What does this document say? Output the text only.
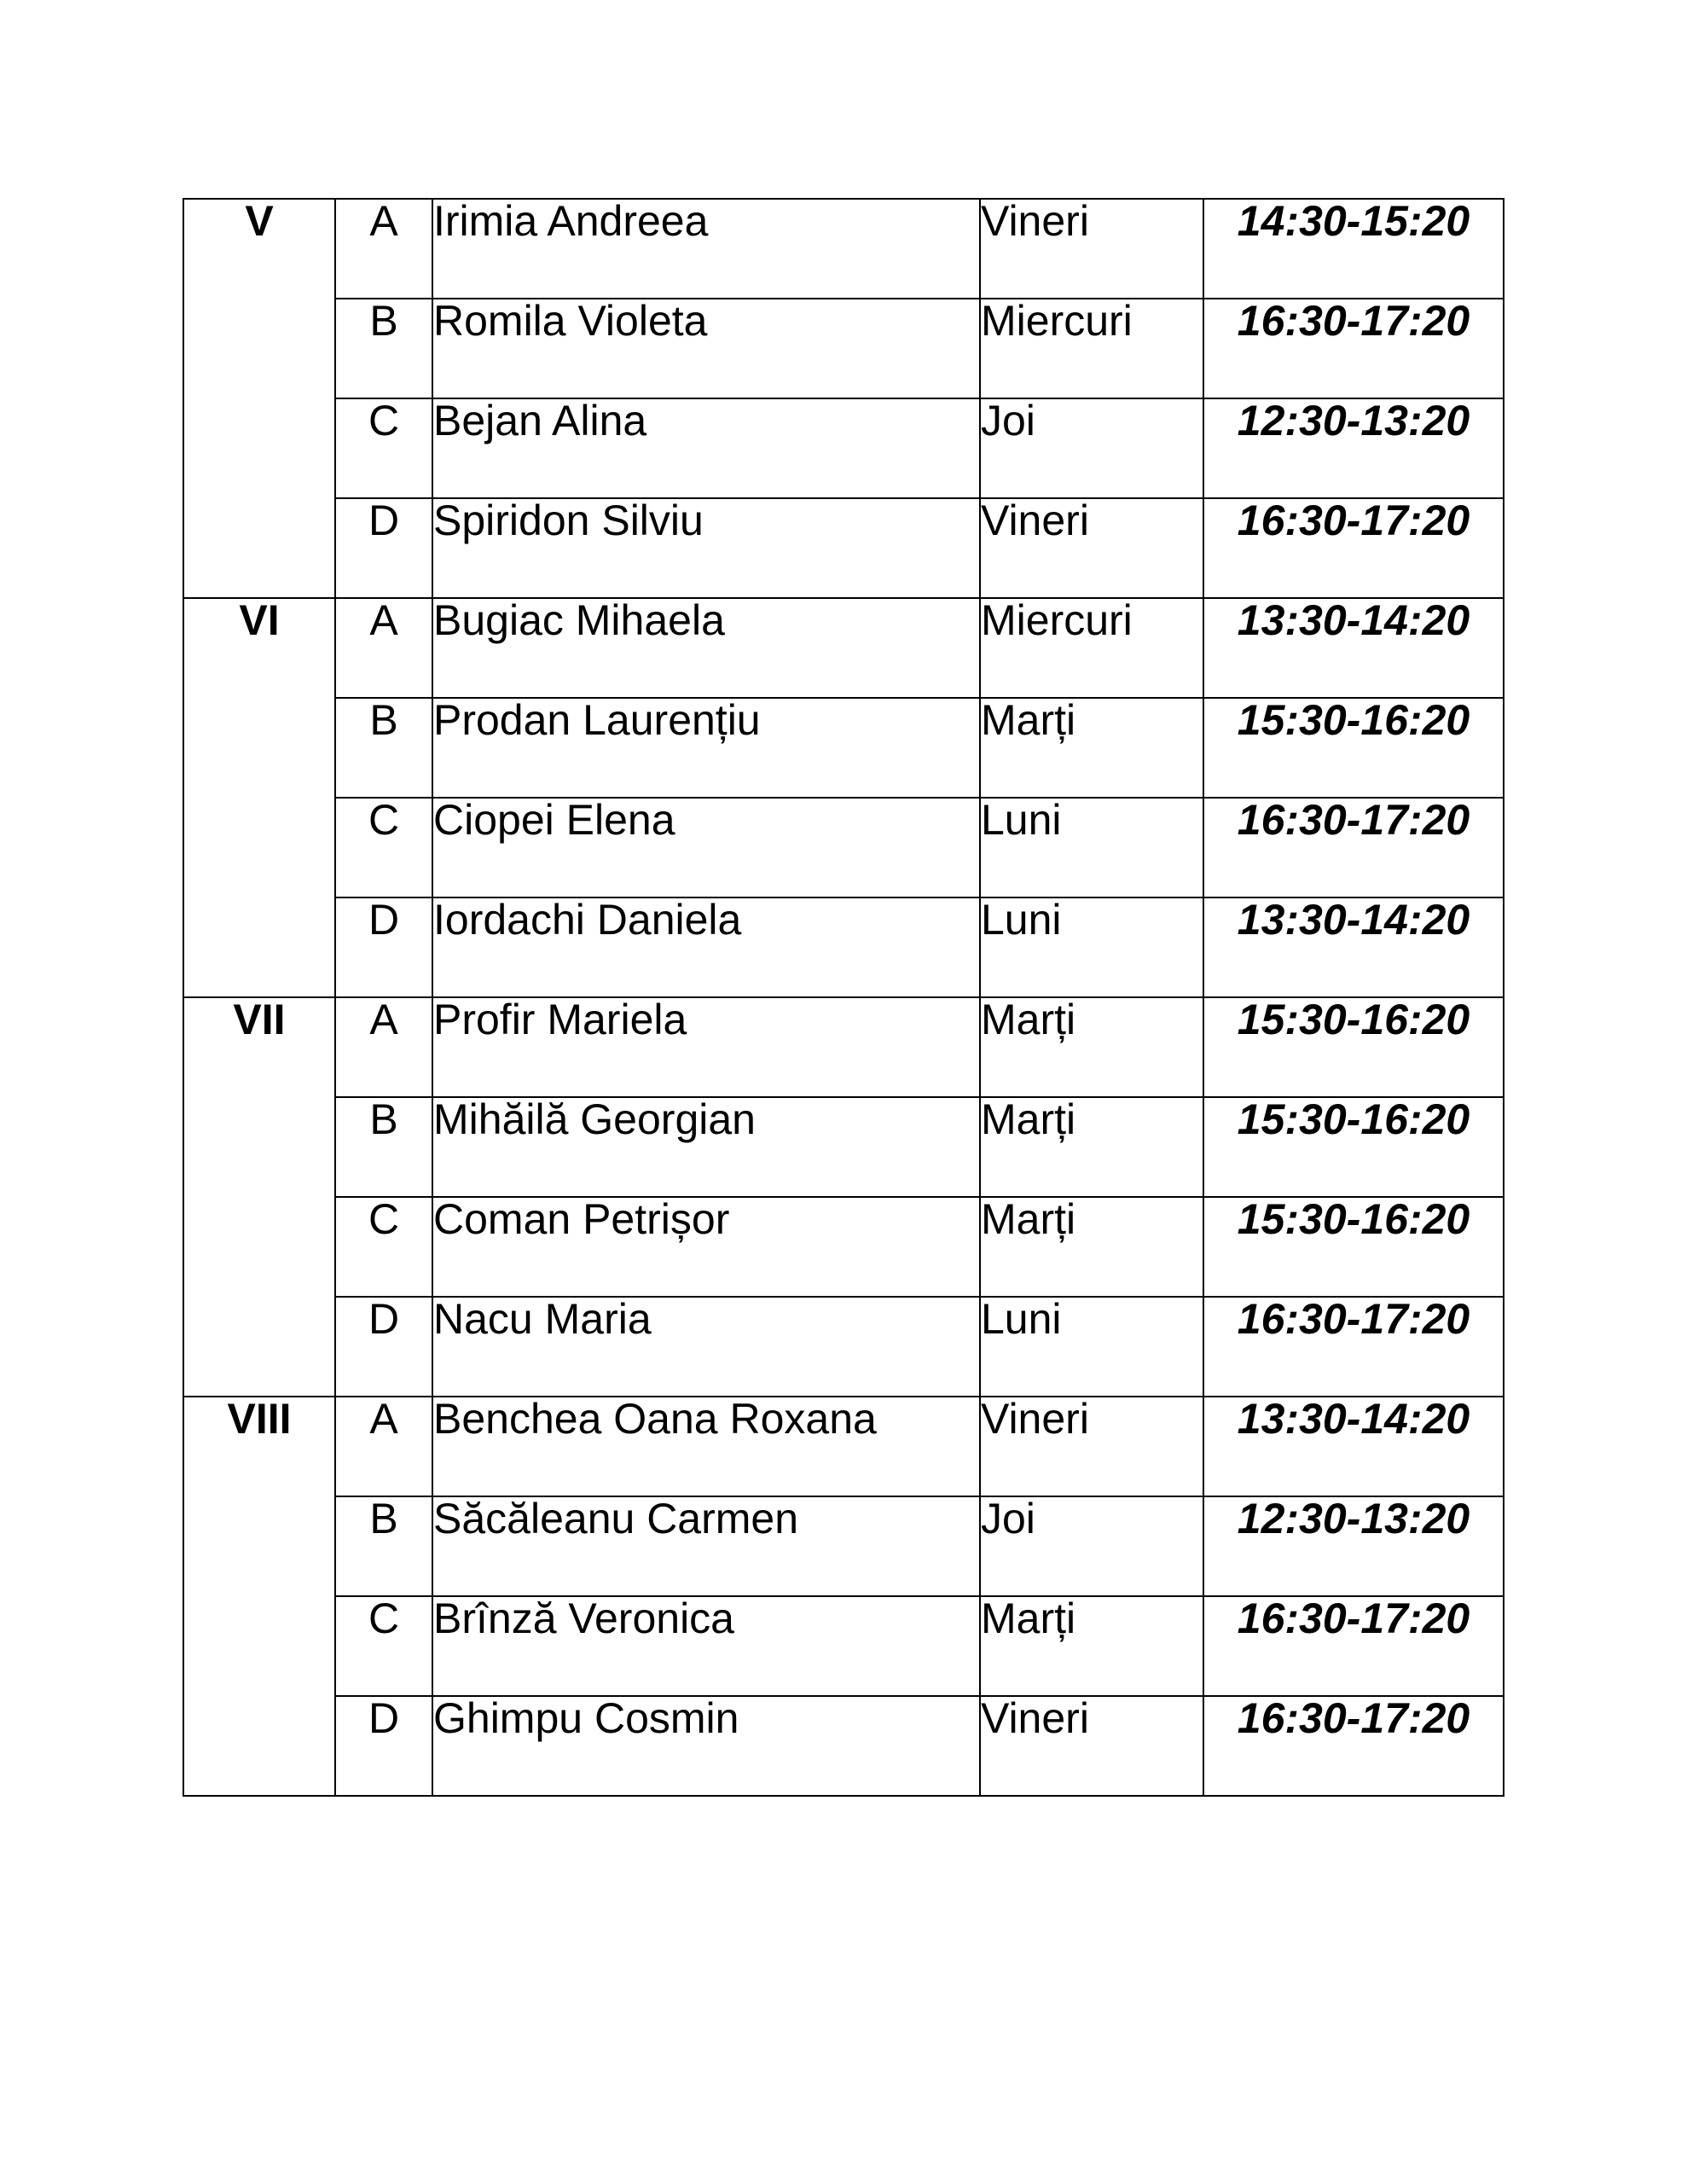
V	A	Irimia Andreea	Vineri	14:30-15:20
	B	Romila Violeta	Miercuri	16:30-17:20
	C	Bejan Alina	Joi	12:30-13:20
	D	Spiridon Silviu	Vineri	16:30-17:20
VI	A	Bugiac Mihaela	Miercuri	13:30-14:20
	B	Prodan Laurențiu	Marți	15:30-16:20
	C	Ciopei Elena	Luni	16:30-17:20
	D	Iordachi Daniela	Luni	13:30-14:20
VII	A	Profir Mariela	Marți	15:30-16:20
	B	Mihăilă Georgian	Marți	15:30-16:20
	C	Coman Petrișor	Marți	15:30-16:20
	D	Nacu Maria	Luni	16:30-17:20
VIII	A	Benchea Oana Roxana	Vineri	13:30-14:20
	B	Săcăleanu Carmen	Joi	12:30-13:20
	C	Brînză Veronica	Marți	16:30-17:20
	D	Ghimpu Cosmin	Vineri	16:30-17:20
